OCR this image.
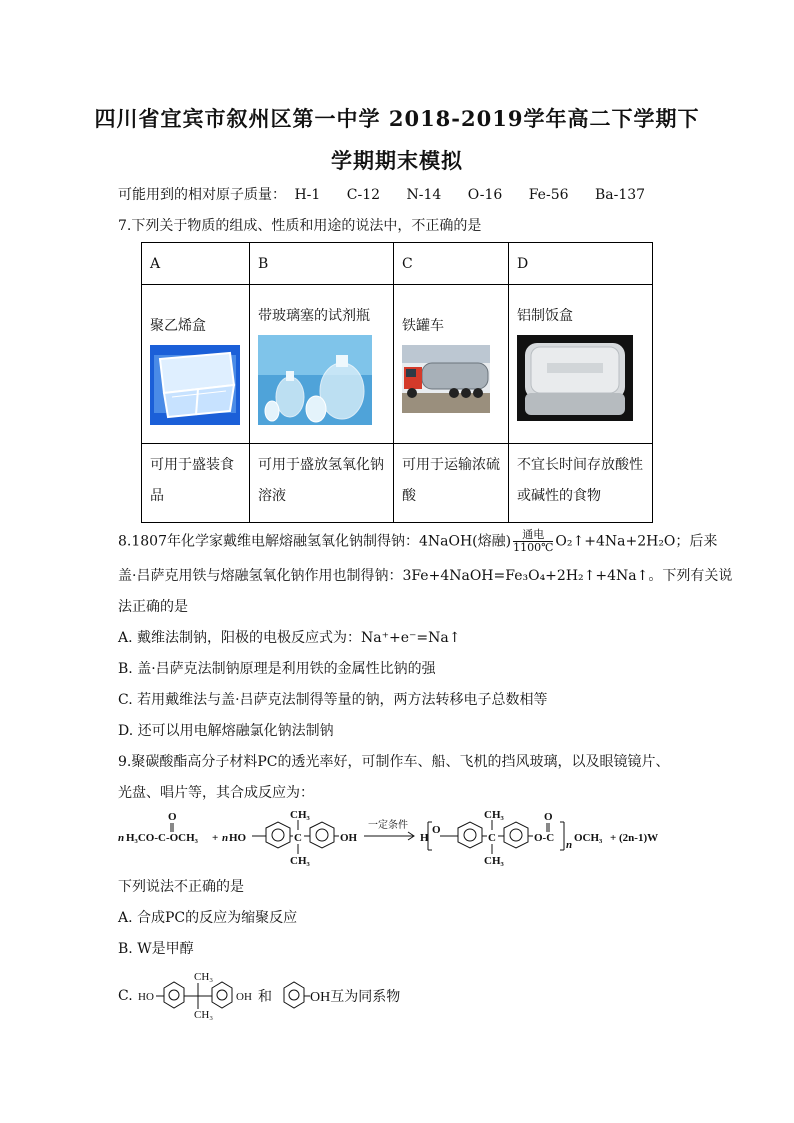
四川省宜宾市叙州区第一中学 2018-2019学年高二下学期下
学期期末模拟
可能用到的相对原子质量： H-1 C-12 N-14 O-16 Fe-56 Ba-137
7.下列关于物质的组成、性质和用途的说法中，不正确的是
A	B	C	D

聚乙烯盒	带玻璃塞的试剂瓶	铁罐车	铝制饭盒

可用于盛装食品	可用于盛放氢氧化钠溶液	可用于运输浓硫酸	不宜长时间存放酸性或碱性的食物
8.1807年化学家戴维电解熔融氢氧化钠制得钠：4NaOH(熔融)	通电
1100℃ O₂↑+4Na+2H₂O；后来
盖·吕萨克用铁与熔融氢氧化钠作用也制得钠：3Fe+4NaOH=Fe₃O₄+2H₂↑+4Na↑。下列有关说
法正确的是
A. 戴维法制钠，阳极的电极反应式为：Na⁺+e⁻=Na↑
B. 盖·吕萨克法制钠原理是利用铁的金属性比钠的强
C. 若用戴维法与盖·吕萨克法制得等量的钠，两方法转移电子总数相等
D. 还可以用电解熔融氯化钠法制钠
9.聚碳酸酯高分子材料PC的透光率好，可制作车、船、飞机的挡风玻璃，以及眼镜镜片、
光盘、唱片等，其合成反应为：
n H₃CO-C-OCH₃
O
+ n HO
CH₃
C
CH₃
OH
一定条件
H
O
CH₃
C
CH₃
O-C
O
n
OCH₃ + (2n-1)W
下列说法不正确的是
A. 合成PC的反应为缩聚反应
B. W是甲醇
C. HO
CH₃
CH₃
OH 和	OH互为同系物
